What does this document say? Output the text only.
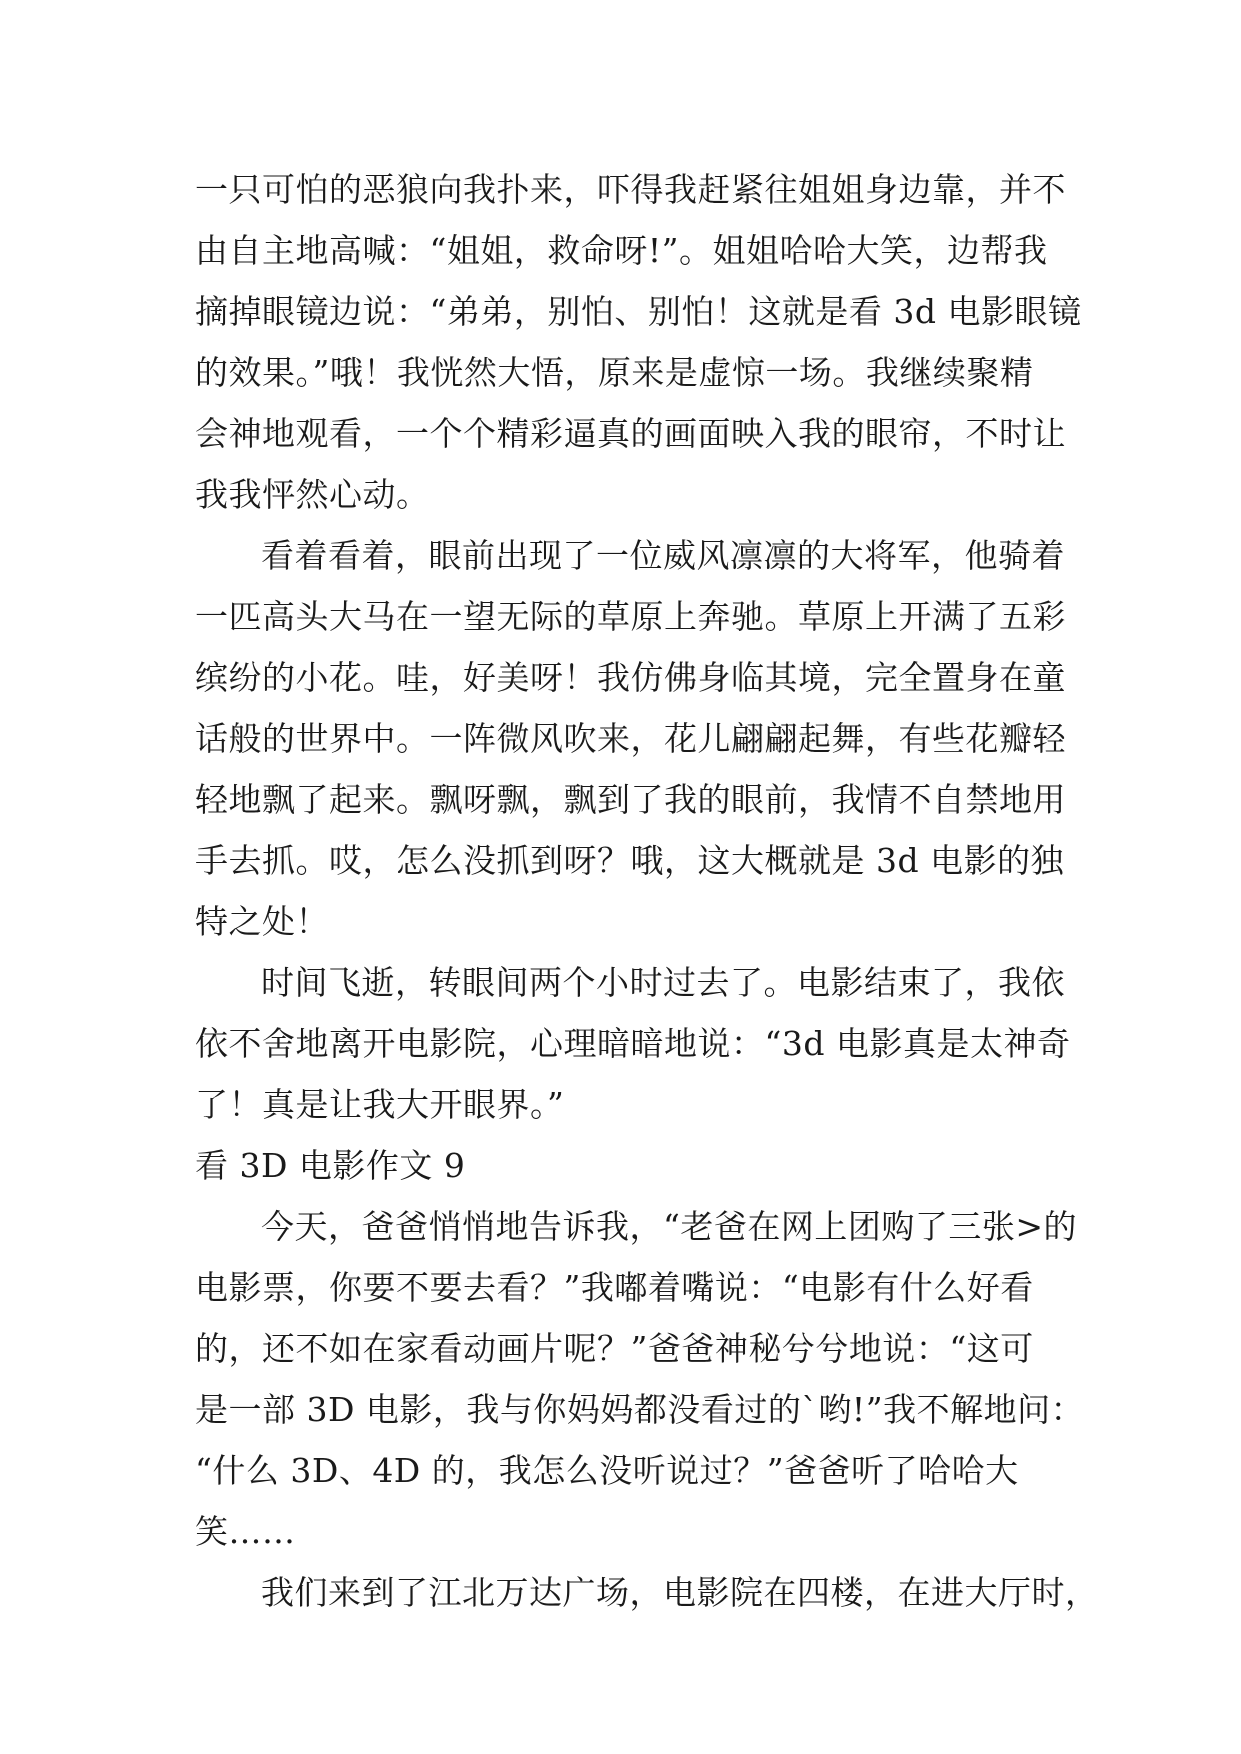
一只可怕的恶狼向我扑来，吓得我赶紧往姐姐身边靠，并不
由自主地高喊：“姐姐，救命呀!”。姐姐哈哈大笑，边帮我
摘掉眼镜边说：“弟弟，别怕、别怕！这就是看 3d 电影眼镜
的效果。”哦！我恍然大悟，原来是虚惊一场。我继续聚精
会神地观看，一个个精彩逼真的画面映入我的眼帘，不时让
我我怦然心动。
看着看着，眼前出现了一位威风凛凛的大将军，他骑着
一匹高头大马在一望无际的草原上奔驰。草原上开满了五彩
缤纷的小花。哇，好美呀！我仿佛身临其境，完全置身在童
话般的世界中。一阵微风吹来，花儿翩翩起舞，有些花瓣轻
轻地飘了起来。飘呀飘，飘到了我的眼前，我情不自禁地用
手去抓。哎，怎么没抓到呀？哦，这大概就是 3d 电影的独
特之处！
时间飞逝，转眼间两个小时过去了。电影结束了，我依
依不舍地离开电影院，心理暗暗地说：“3d 电影真是太神奇
了！真是让我大开眼界。”
看 3D 电影作文 9
今天，爸爸悄悄地告诉我，“老爸在网上团购了三张>的
电影票，你要不要去看？”我嘟着嘴说：“电影有什么好看
的，还不如在家看动画片呢？”爸爸神秘兮兮地说：“这可
是一部 3D 电影，我与你妈妈都没看过的`哟!”我不解地问：
“什么 3D、4D 的，我怎么没听说过？”爸爸听了哈哈大
笑……
我们来到了江北万达广场，电影院在四楼，在进大厅时，
